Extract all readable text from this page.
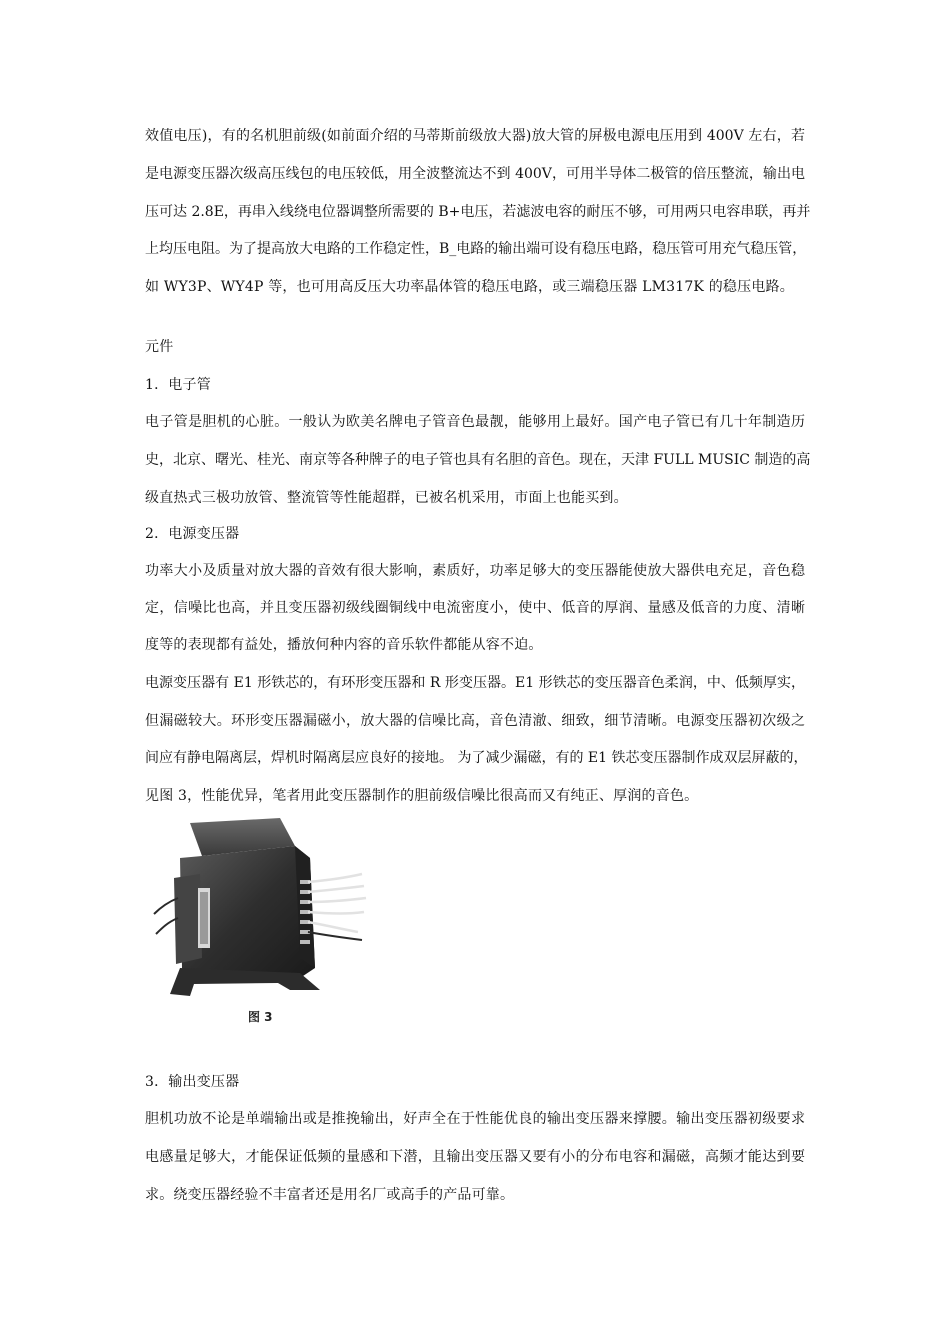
效值电压)，有的名机胆前级(如前面介绍的马蒂斯前级放大器)放大管的屏极电源电压用到 400V 左右，若
是电源变压器次级高压线包的电压较低，用全波整流达不到 400V，可用半导体二极管的倍压整流，输出电
压可达 2.8E，再串入线绕电位器调整所需要的 B+电压，若滤波电容的耐压不够，可用两只电容串联，再并
上均压电阻。为了提高放大电路的工作稳定性，B_电路的输出端可设有稳压电路，稳压管可用充气稳压管，
如 WY3P、WY4P 等，也可用高反压大功率晶体管的稳压电路，或三端稳压器 LM317K 的稳压电路。
元件
1．电子管
电子管是胆机的心脏。一般认为欧美名牌电子管音色最靓，能够用上最好。国产电子管已有几十年制造历
史，北京、曙光、桂光、南京等各种牌子的电子管也具有名胆的音色。现在，天津 FULL MUSIC 制造的高
级直热式三极功放管、整流管等性能超群，已被名机采用，市面上也能买到。
2．电源变压器
功率大小及质量对放大器的音效有很大影响，素质好，功率足够大的变压器能使放大器供电充足，音色稳
定，信噪比也高，并且变压器初级线圈铜线中电流密度小，使中、低音的厚润、量感及低音的力度、清晰
度等的表现都有益处，播放何种内容的音乐软件都能从容不迫。
电源变压器有 E1 形铁芯的，有环形变压器和 R 形变压器。E1 形铁芯的变压器音色柔润，中、低频厚实，
但漏磁较大。环形变压器漏磁小，放大器的信噪比高，音色清澈、细致，细节清晰。电源变压器初次级之
间应有静电隔离层，焊机时隔离层应良好的接地。 为了减少漏磁，有的 E1 铁芯变压器制作成双层屏蔽的，
见图 3，性能优异，笔者用此变压器制作的胆前级信噪比很高而又有纯正、厚润的音色。
图 3
3．输出变压器
胆机功放不论是单端输出或是推挽输出，好声全在于性能优良的输出变压器来撑腰。输出变压器初级要求
电感量足够大，才能保证低频的量感和下潜，且输出变压器又要有小的分布电容和漏磁，高频才能达到要
求。绕变压器经验不丰富者还是用名厂或高手的产品可靠。
